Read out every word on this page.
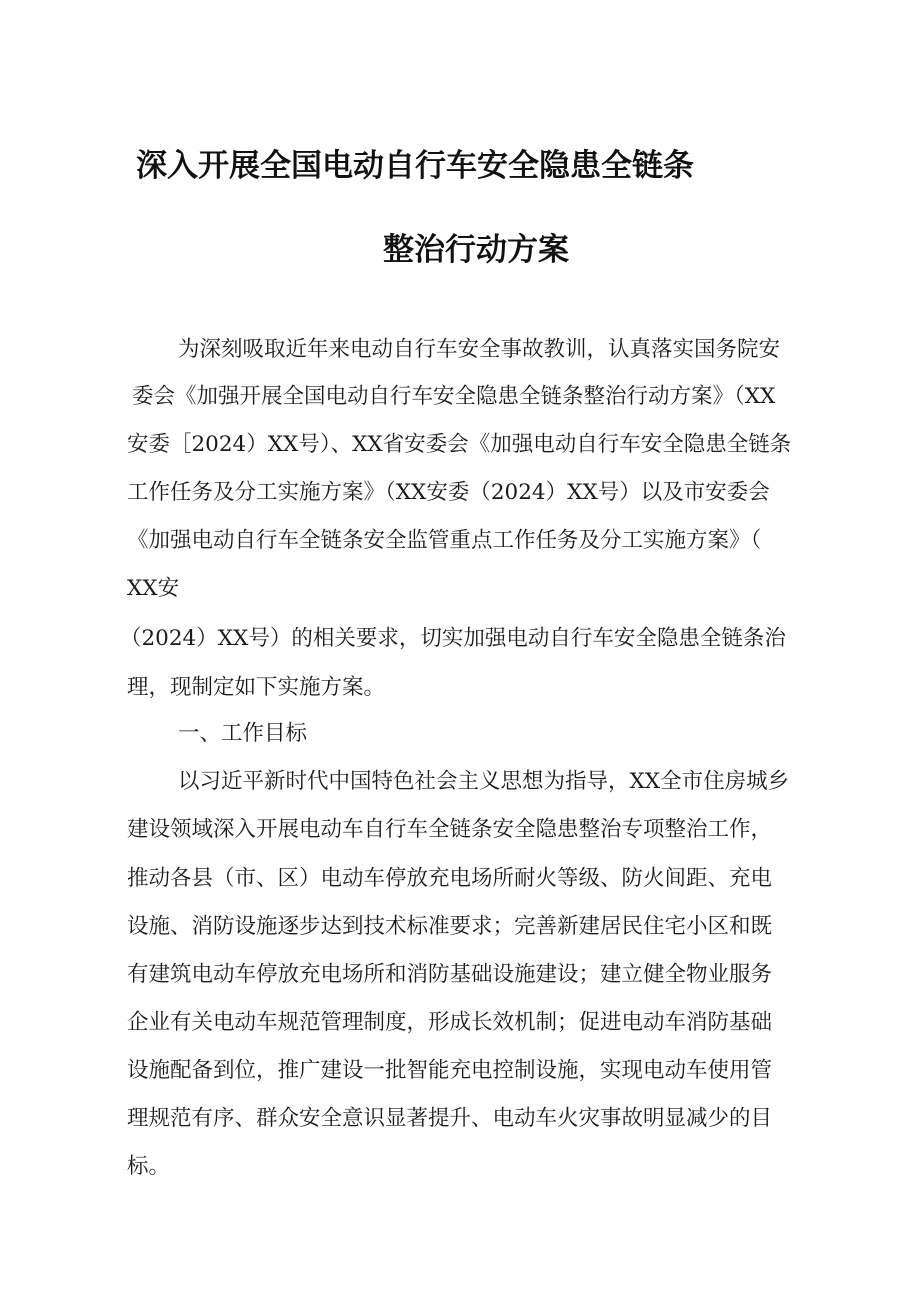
深入开展全国电动自行车安全隐患全链条
整治行动方案
为深刻吸取近年来电动自行车安全事故教训，认真落实国务院安
委会《加强开展全国电动自行车安全隐患全链条整治行动方案》（XX
安委［2024）XX号）、XX省安委会《加强电动自行车安全隐患全链条
工作任务及分工实施方案》（XX安委（2024）XX号）以及市安委会
《加强电动自行车全链条安全监管重点工作任务及分工实施方案》（
XX安
（2024）XX号）的相关要求，切实加强电动自行车安全隐患全链条治
理，现制定如下实施方案。
一、工作目标
以习近平新时代中国特色社会主义思想为指导，XX全市住房城乡
建设领域深入开展电动车自行车全链条安全隐患整治专项整治工作，
推动各县（市、区）电动车停放充电场所耐火等级、防火间距、充电
设施、消防设施逐步达到技术标准要求；完善新建居民住宅小区和既
有建筑电动车停放充电场所和消防基础设施建设；建立健全物业服务
企业有关电动车规范管理制度，形成长效机制；促进电动车消防基础
设施配备到位，推广建设一批智能充电控制设施，实现电动车使用管
理规范有序、群众安全意识显著提升、电动车火灾事故明显减少的目
标。
